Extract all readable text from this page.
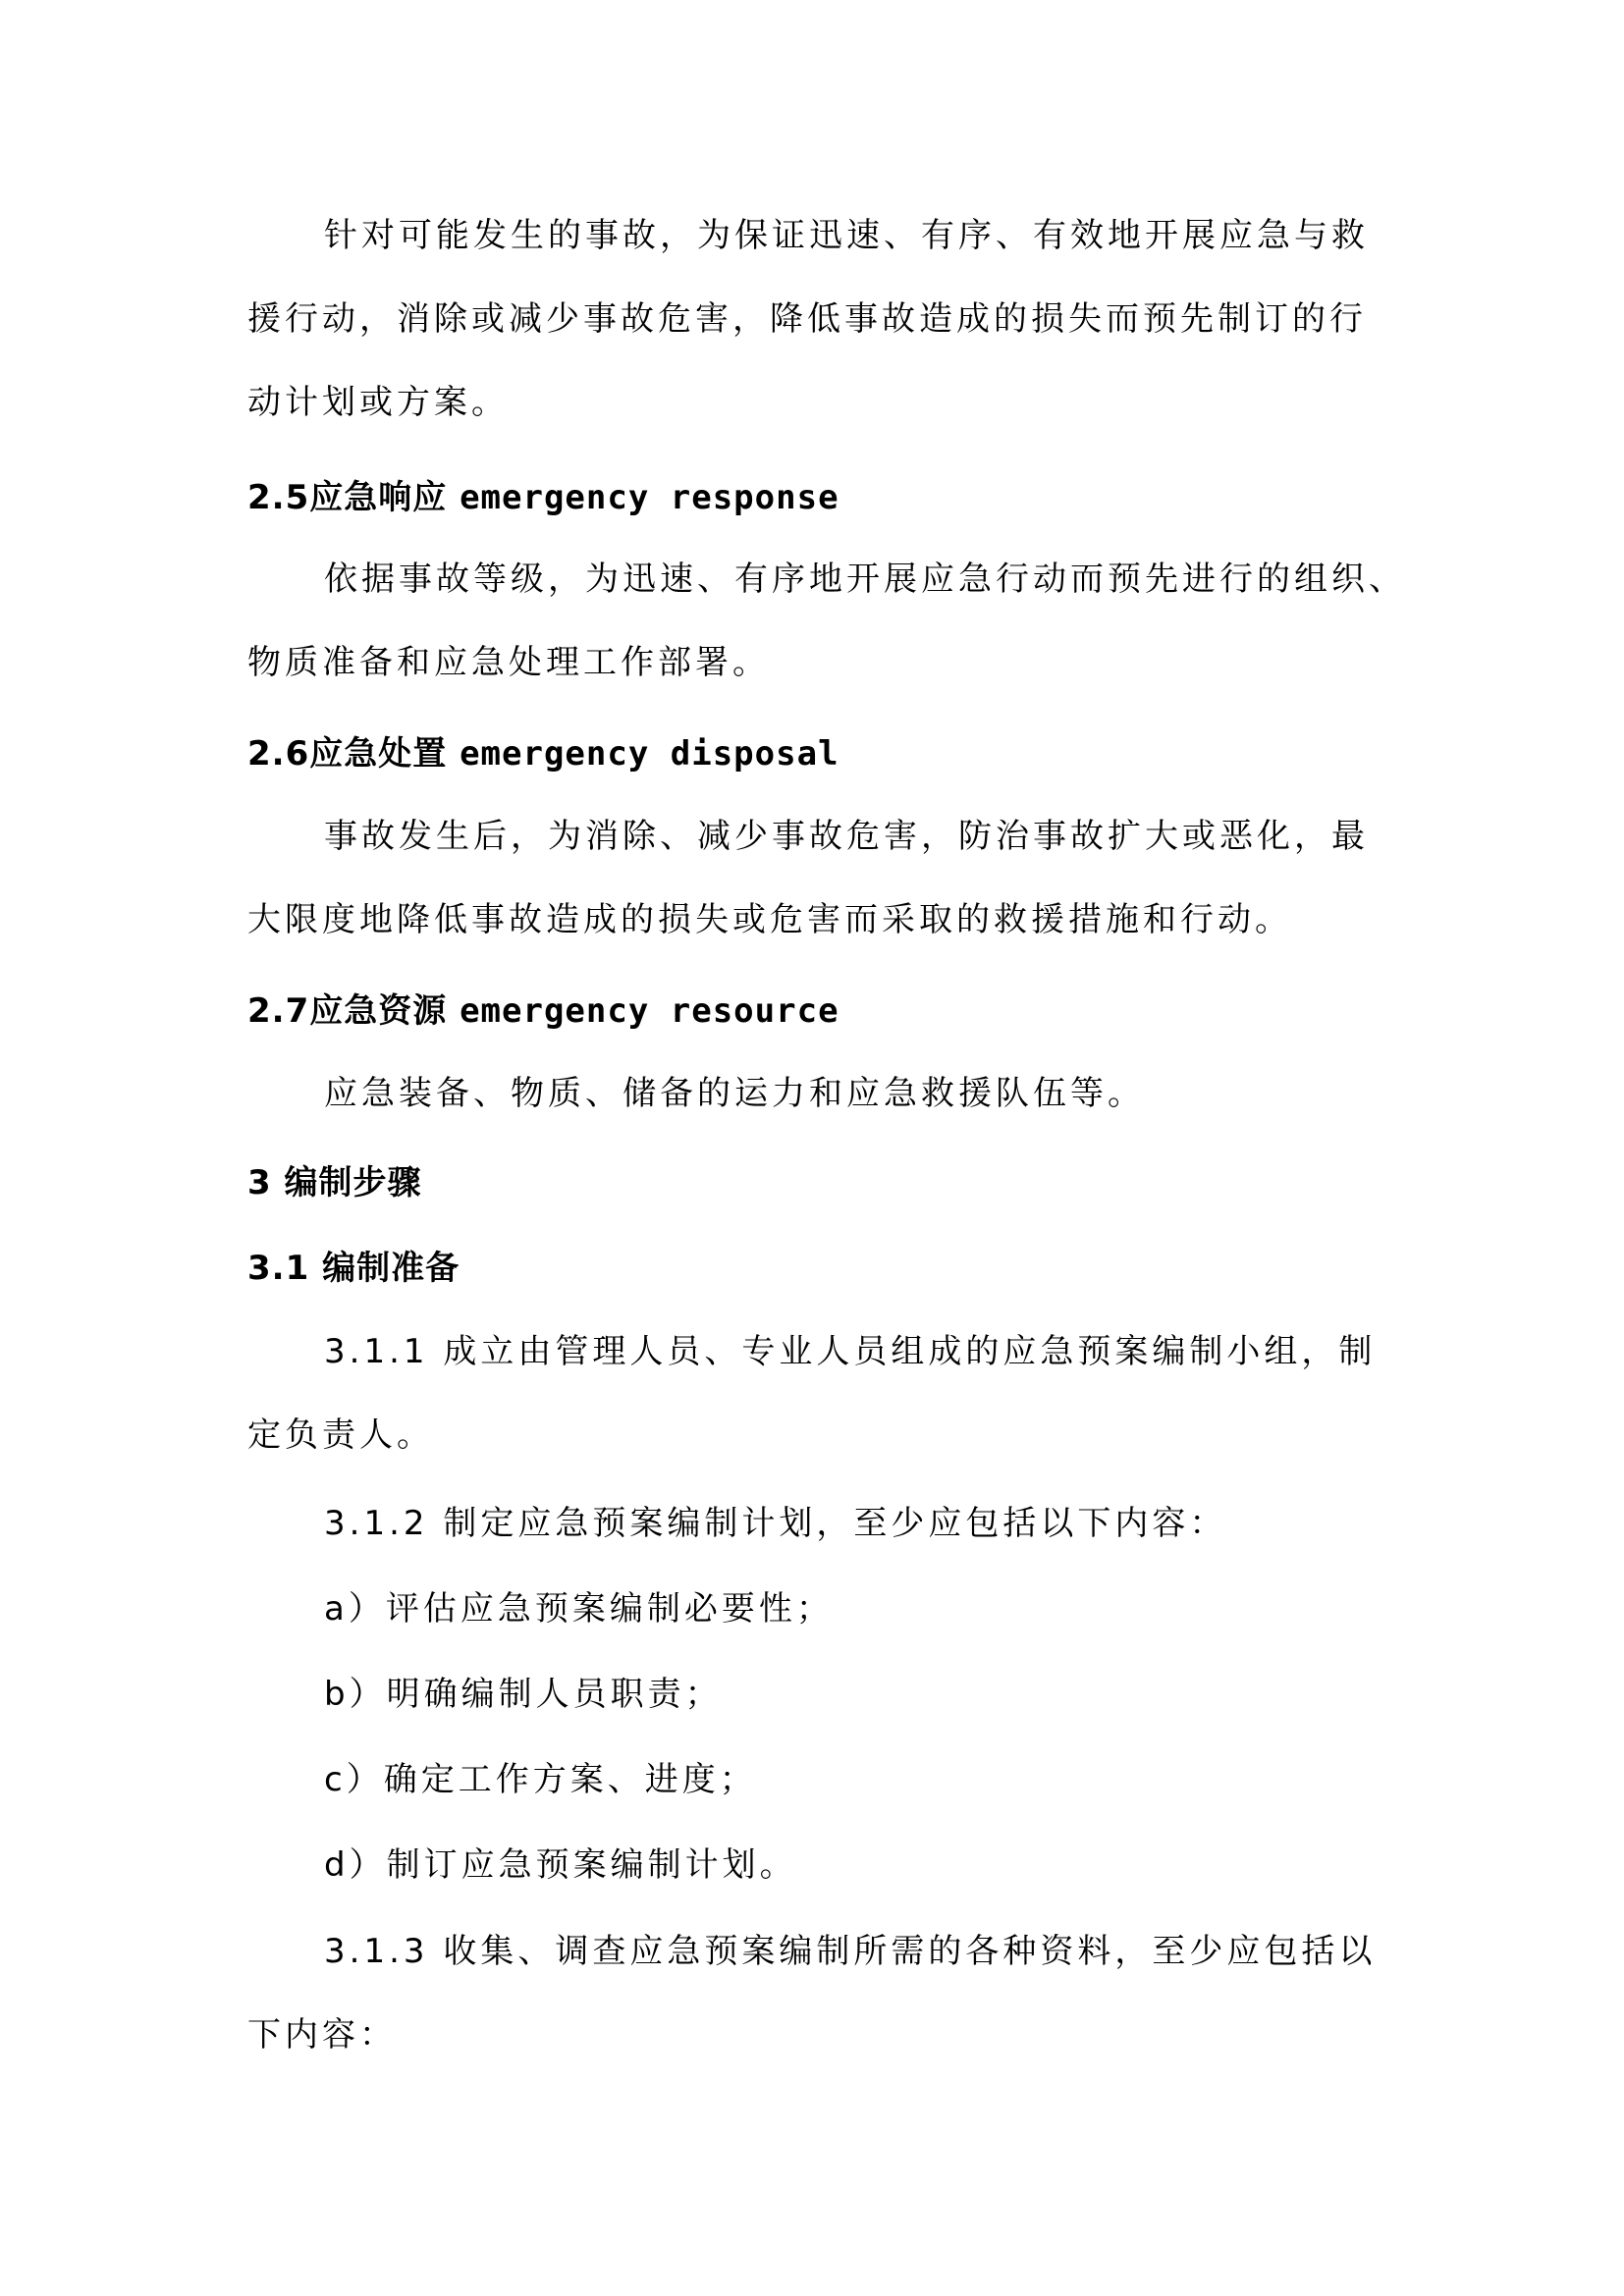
针对可能发生的事故，为保证迅速、有序、有效地开展应急与救
援行动，消除或减少事故危害，降低事故造成的损失而预先制订的行
动计划或方案。
2.5应急响应 emergency response
依据事故等级，为迅速、有序地开展应急行动而预先进行的组织、
物质准备和应急处理工作部署。
2.6应急处置 emergency disposal
事故发生后，为消除、减少事故危害，防治事故扩大或恶化，最
大限度地降低事故造成的损失或危害而采取的救援措施和行动。
2.7应急资源 emergency resource
应急装备、物质、储备的运力和应急救援队伍等。
3 编制步骤
3.1 编制准备
3.1.1 成立由管理人员、专业人员组成的应急预案编制小组，制
定负责人。
3.1.2 制定应急预案编制计划，至少应包括以下内容：
a）评估应急预案编制必要性；
b）明确编制人员职责；
c）确定工作方案、进度；
d）制订应急预案编制计划。
3.1.3 收集、调查应急预案编制所需的各种资料，至少应包括以
下内容：
